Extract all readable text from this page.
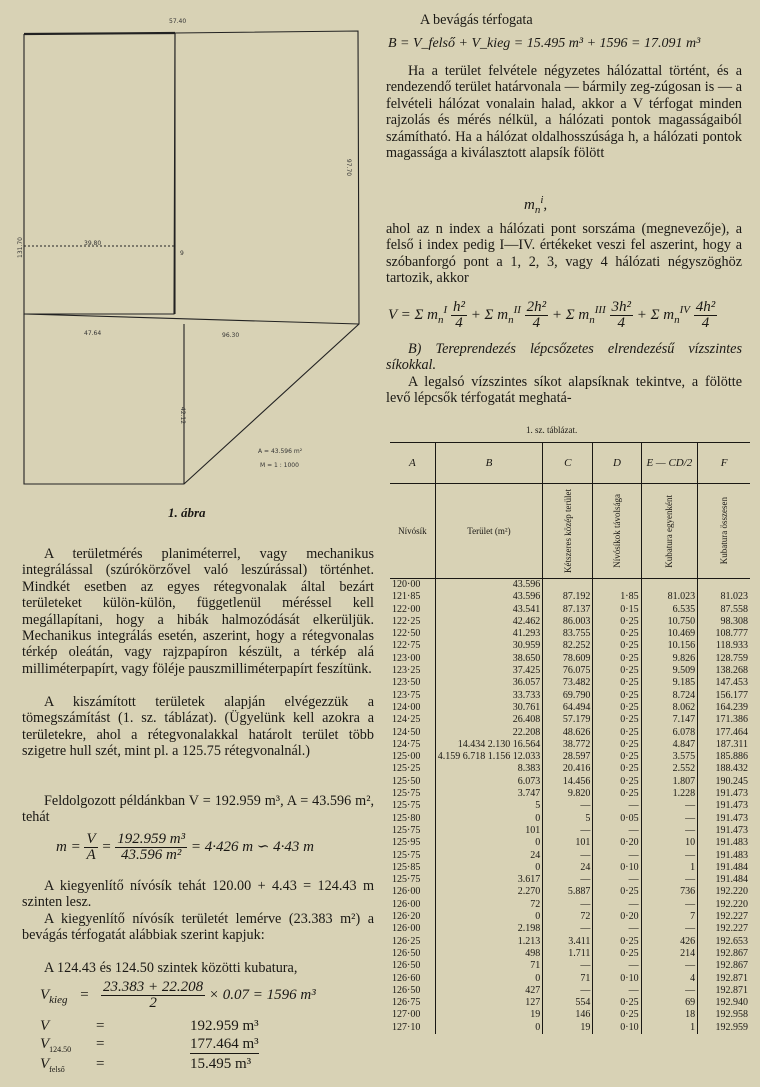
57.40
97.70
131.70	39.80
9
47.64	96.30
42.12
A = 43.596 m²
M = 1 : 1000
1. ábra
A bevágás térfogata
B = V_felső + V_kieg = 15.495 m³ + 1596 = 17.091 m³
Ha a terület felvétele négyzetes hálózattal történt, és a rendezendő terület határvonala — bármily zeg-zúgosan is — a felvételi hálózat vonalain halad, akkor a V térfogat minden rajzolás és mérés nélkül, a hálózati pontok magasságaiból számítható. Ha a hálózat oldalhosszúsága h, a hálózati pontok magassága a kiválasztott alapsík fölött
$m_n^i$,
ahol az n index a hálózati pont sorszáma (megnevezője), a felső i index pedig I—IV. értékeket veszi fel aszerint, hogy a szóbanforgó pont a 1, 2, 3, vagy 4 hálózati négyszöghöz tartozik, akkor
V = Σ $m_n^I \frac{\text{h²}}{4} + \Sigma$ $m_n^{II} \frac{\text{2h²}}{4} + \Sigma$ $m_n^{III} \frac{\text{3h²}}{4} + \Sigma$ $m_n^{IV} \frac{\text{4h²}}{4}$
B) Tereprendezés lépcsőzetes elrendezésű vízszintes síkokkal.
A legalsó vízszintes síkot alapsíknak tekintve, a fölötte levő lépcsők térfogatát meghatá-
1. sz. táblázat.
A	B	C	D	E — CD/2	F
Nívósík	Terület (m²)	Kétszeres közép terület	Nívósíkok távolsága	Kubatura egyenként	Kubatura összesen

120·00	43.596				
121·85	43.596	87.192	1·85	81.023	81.023
122·00	43.541	87.137	0·15	6.535	87.558
122·25	42.462	86.003	0·25	10.750	98.308
122·50	41.293	83.755	0·25	10.469	108.777
122·75	30.959	82.252	0·25	10.156	118.933
123·00	38.650	78.609	0·25	9.826	128.759
123·25	37.425	76.075	0·25	9.509	138.268
123·50	36.057	73.482	0·25	9.185	147.453
123·75	33.733	69.790	0·25	8.724	156.177
124·00	30.761	64.494	0·25	8.062	164.239
124·25	26.408	57.179	0·25	7.147	171.386
124·50	22.208	48.626	0·25	6.078	177.464
124·75	14.434 2.130 16.564	38.772	0·25	4.847	187.311
125·00	4.159 6.718 1.156 12.033	28.597	0·25	3.575	185.886
125·25	8.383	20.416	0·25	2.552	188.432
125·50	6.073	14.456	0·25	1.807	190.245
125·75	3.747	9.820	0·25	1.228	191.473
125·75	5	—	—	—	191.473
125·80	0	5	0·05	—	191.473
125·75	101	—	—	—	191.473
125·95	0	101	0·20	10	191.483
125·75	24	—	—	—	191.483
125·85	0	24	0·10	1	191.484
125·75	3.617	—	—	—	191.484
126·00	2.270	5.887	0·25	736	192.220
126·00	72	—	—	—	192.220
126·20	0	72	0·20	7	192.227
126·00	2.198	—	—	—	192.227
126·25	1.213	3.411	0·25	426	192.653
126·50	498	1.711	0·25	214	192.867
126·50	71	—	—	—	192.867
126·60	0	71	0·10	4	192.871
126·50	427	—	—	—	192.871
126·75	127	554	0·25	69	192.940
127·00	19	146	0·25	18	192.958
127·10	0	19	0·10	1	192.959
A területmérés planiméterrel, vagy mechanikus integrálással (szúrókörzővel való leszúrással) történhet. Mindkét esetben az egyes rétegvonalak által bezárt területeket külön-külön, függetlenül méréssel kell megállapítani, hogy a hibák halmozódását elkerüljük. Mechanikus integrálás esetén, aszerint, hogy a rétegvonalas térkép oleátán, vagy rajzpapíron készült, a térkép alá milliméterpapírt, vagy föléje pauszmilliméterpapírt feszítünk.
A kiszámított területek alapján elvégezzük a tömegszámítást (1. sz. táblázat). (Ügyelünk kell azokra a területekre, ahol a rétegvonalakkal határolt terület több szigetre hull szét, mint pl. a 125.75 rétegvonalnál.)
Feldolgozott példánkban V = 192.959 m³, A = 43.596 m², tehát
$m = \frac{V}{A} = \frac{\text{192.959 m³}}{\text{43.596 m²}} = 4\cdot 426$ m ∽ 4·43 m
A kiegyenlítő nívósík tehát 120.00 + 4.43 = 124.43 m szinten lesz.
A kiegyenlítő nívósík területét lemérve (23.383 m²) a bevágás térfogatát alábbiak szerint kapjuk:
A 124.43 és 124.50 szintek közötti kubatura,
$V_{kieg} = \frac{23.383 + 22.208}{2} \times 0.07 = 1596$ m³
V	=	192.959 m³
$V_{124.50}$ =	177.464 m³
$V_{felső}$ =	15.495 m³
